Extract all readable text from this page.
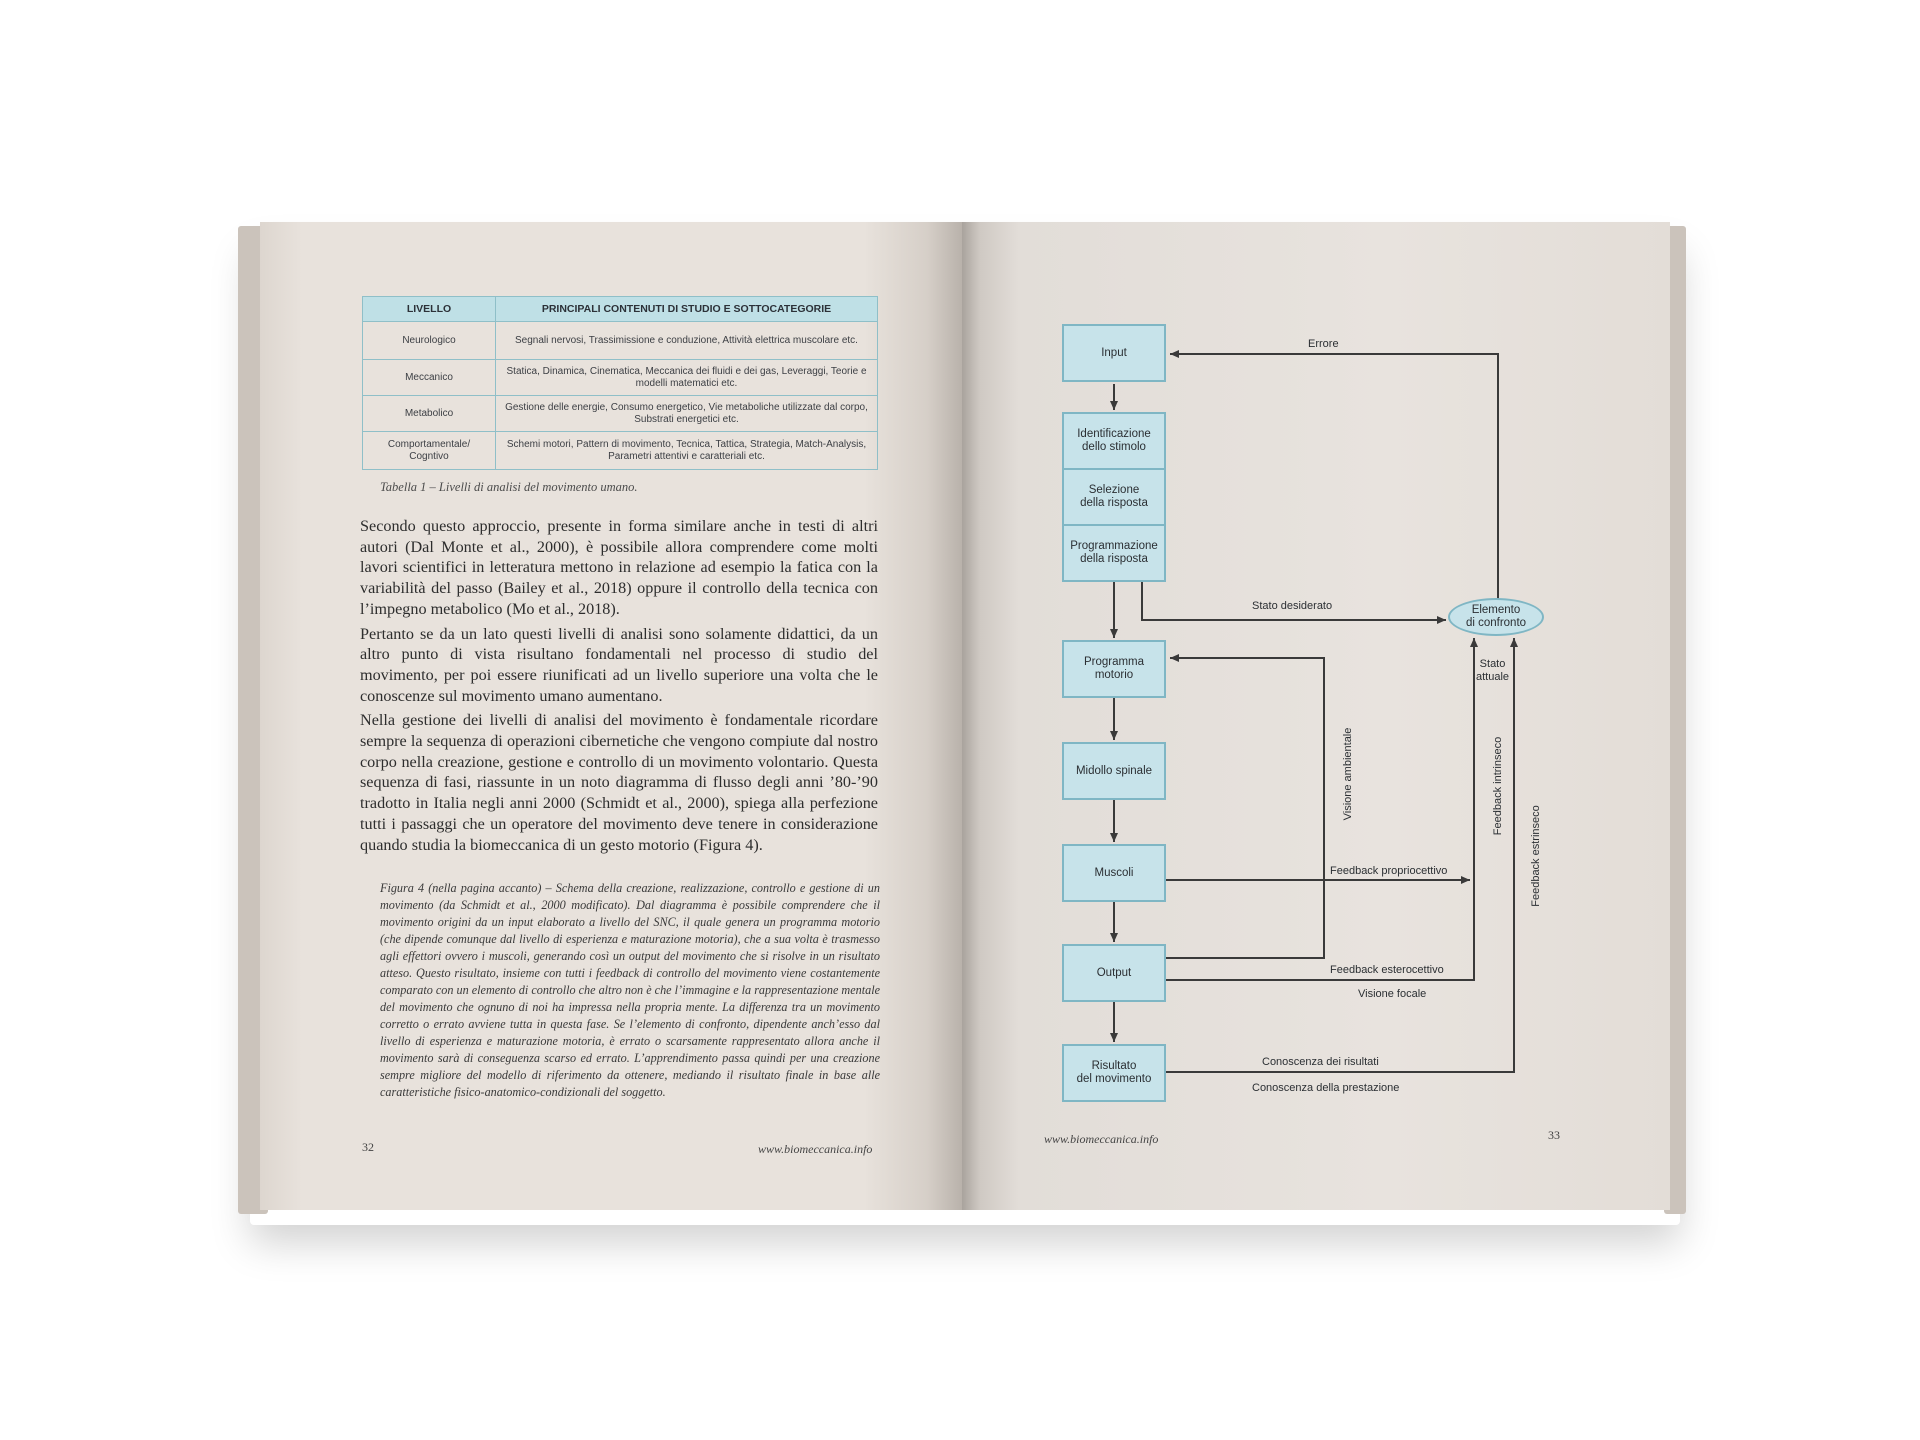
LIVELLO	PRINCIPALI CONTENUTI DI STUDIO E SOTTOCATEGORIE
Neurologico	Segnali nervosi, Trassimissione e conduzione, Attività elettrica muscolare etc.
Meccanico	Statica, Dinamica, Cinematica, Meccanica dei fluidi e dei gas, Leveraggi, Teorie e modelli matematici etc.
Metabolico	Gestione delle energie, Consumo energetico, Vie metaboliche utilizzate dal corpo, Substrati energetici etc.
Comportamentale/ Cogntivo	Schemi motori, Pattern di movimento, Tecnica, Tattica, Strategia, Match-Analysis, Parametri attentivi e caratteriali etc.
Tabella 1 – Livelli di analisi del movimento umano.

Secondo questo approccio, presente in forma similare anche in testi di altri autori (Dal Monte et al., 2000), è possibile allora comprendere come molti lavori scientifici in letteratura mettono in relazione ad esempio la fatica con la variabilità del passo (Bailey et al., 2018) oppure il controllo della tecnica con l’impegno metabolico (Mo et al., 2018).

Pertanto se da un lato questi livelli di analisi sono solamente didattici, da un altro punto di vista risultano fondamentali nel processo di studio del movimento, per poi essere riunificati ad un livello superiore una volta che le conoscenze sul movimento umano aumentano.

Nella gestione dei livelli di analisi del movimento è fondamentale ricordare sempre la sequenza di operazioni cibernetiche che vengono compiute dal nostro corpo nella creazione, gestione e controllo di un movimento volontario. Questa sequenza di fasi, riassunte in un noto diagramma di flusso degli anni ’80-’90 tradotto in Italia negli anni 2000 (Schmidt et al., 2000), spiega alla perfezione tutti i passaggi che un operatore del movimento deve tenere in considerazione quando studia la biomeccanica di un gesto motorio (Figura 4).

Figura 4 (nella pagina accanto) – Schema della creazione, realizzazione, controllo e gestione di un movimento (da Schmidt et al., 2000 modificato). Dal diagramma è possibile comprendere che il movimento origini da un input elaborato a livello del SNC, il quale genera un programma motorio (che dipende comunque dal livello di esperienza e maturazione motoria), che a sua volta è trasmesso agli effettori ovvero i muscoli, generando così un output del movimento che si risolve in un risultato atteso. Questo risultato, insieme con tutti i feedback di controllo del movimento viene costantemente comparato con un elemento di controllo che altro non è che l’immagine e la rappresentazione mentale del movimento che ognuno di noi ha impressa nella propria mente. La differenza tra un movimento corretto o errato avviene tutta in questa fase. Se l’elemento di confronto, dipendente anch’esso dal livello di esperienza e maturazione motoria, è errato o scarsamente rappresentato allora anche il movimento sarà di conseguenza scarso ed errato. L’apprendimento passa quindi per una creazione sempre migliore del modello di riferimento da ottenere, mediando il risultato finale in base alle caratteristiche fisico-anatomico-condizionali del soggetto.
32	www.biomeccanica.info
Input
Identificazione
dello stimolo
Selezione
della risposta
Programmazione
della risposta
Programma
motorio
Midollo spinale
Muscoli
Output
Risultato
del movimento
Elemento
di confronto
Errore
Stato desiderato
Stato
attuale
Visione ambientale	Feedback intrinseco
Feedback estrinseco
Feedback propriocettivo
Feedback esterocettivo
Visione focale
Conoscenza dei risultati
Conoscenza della prestazione
www.biomeccanica.info	33
